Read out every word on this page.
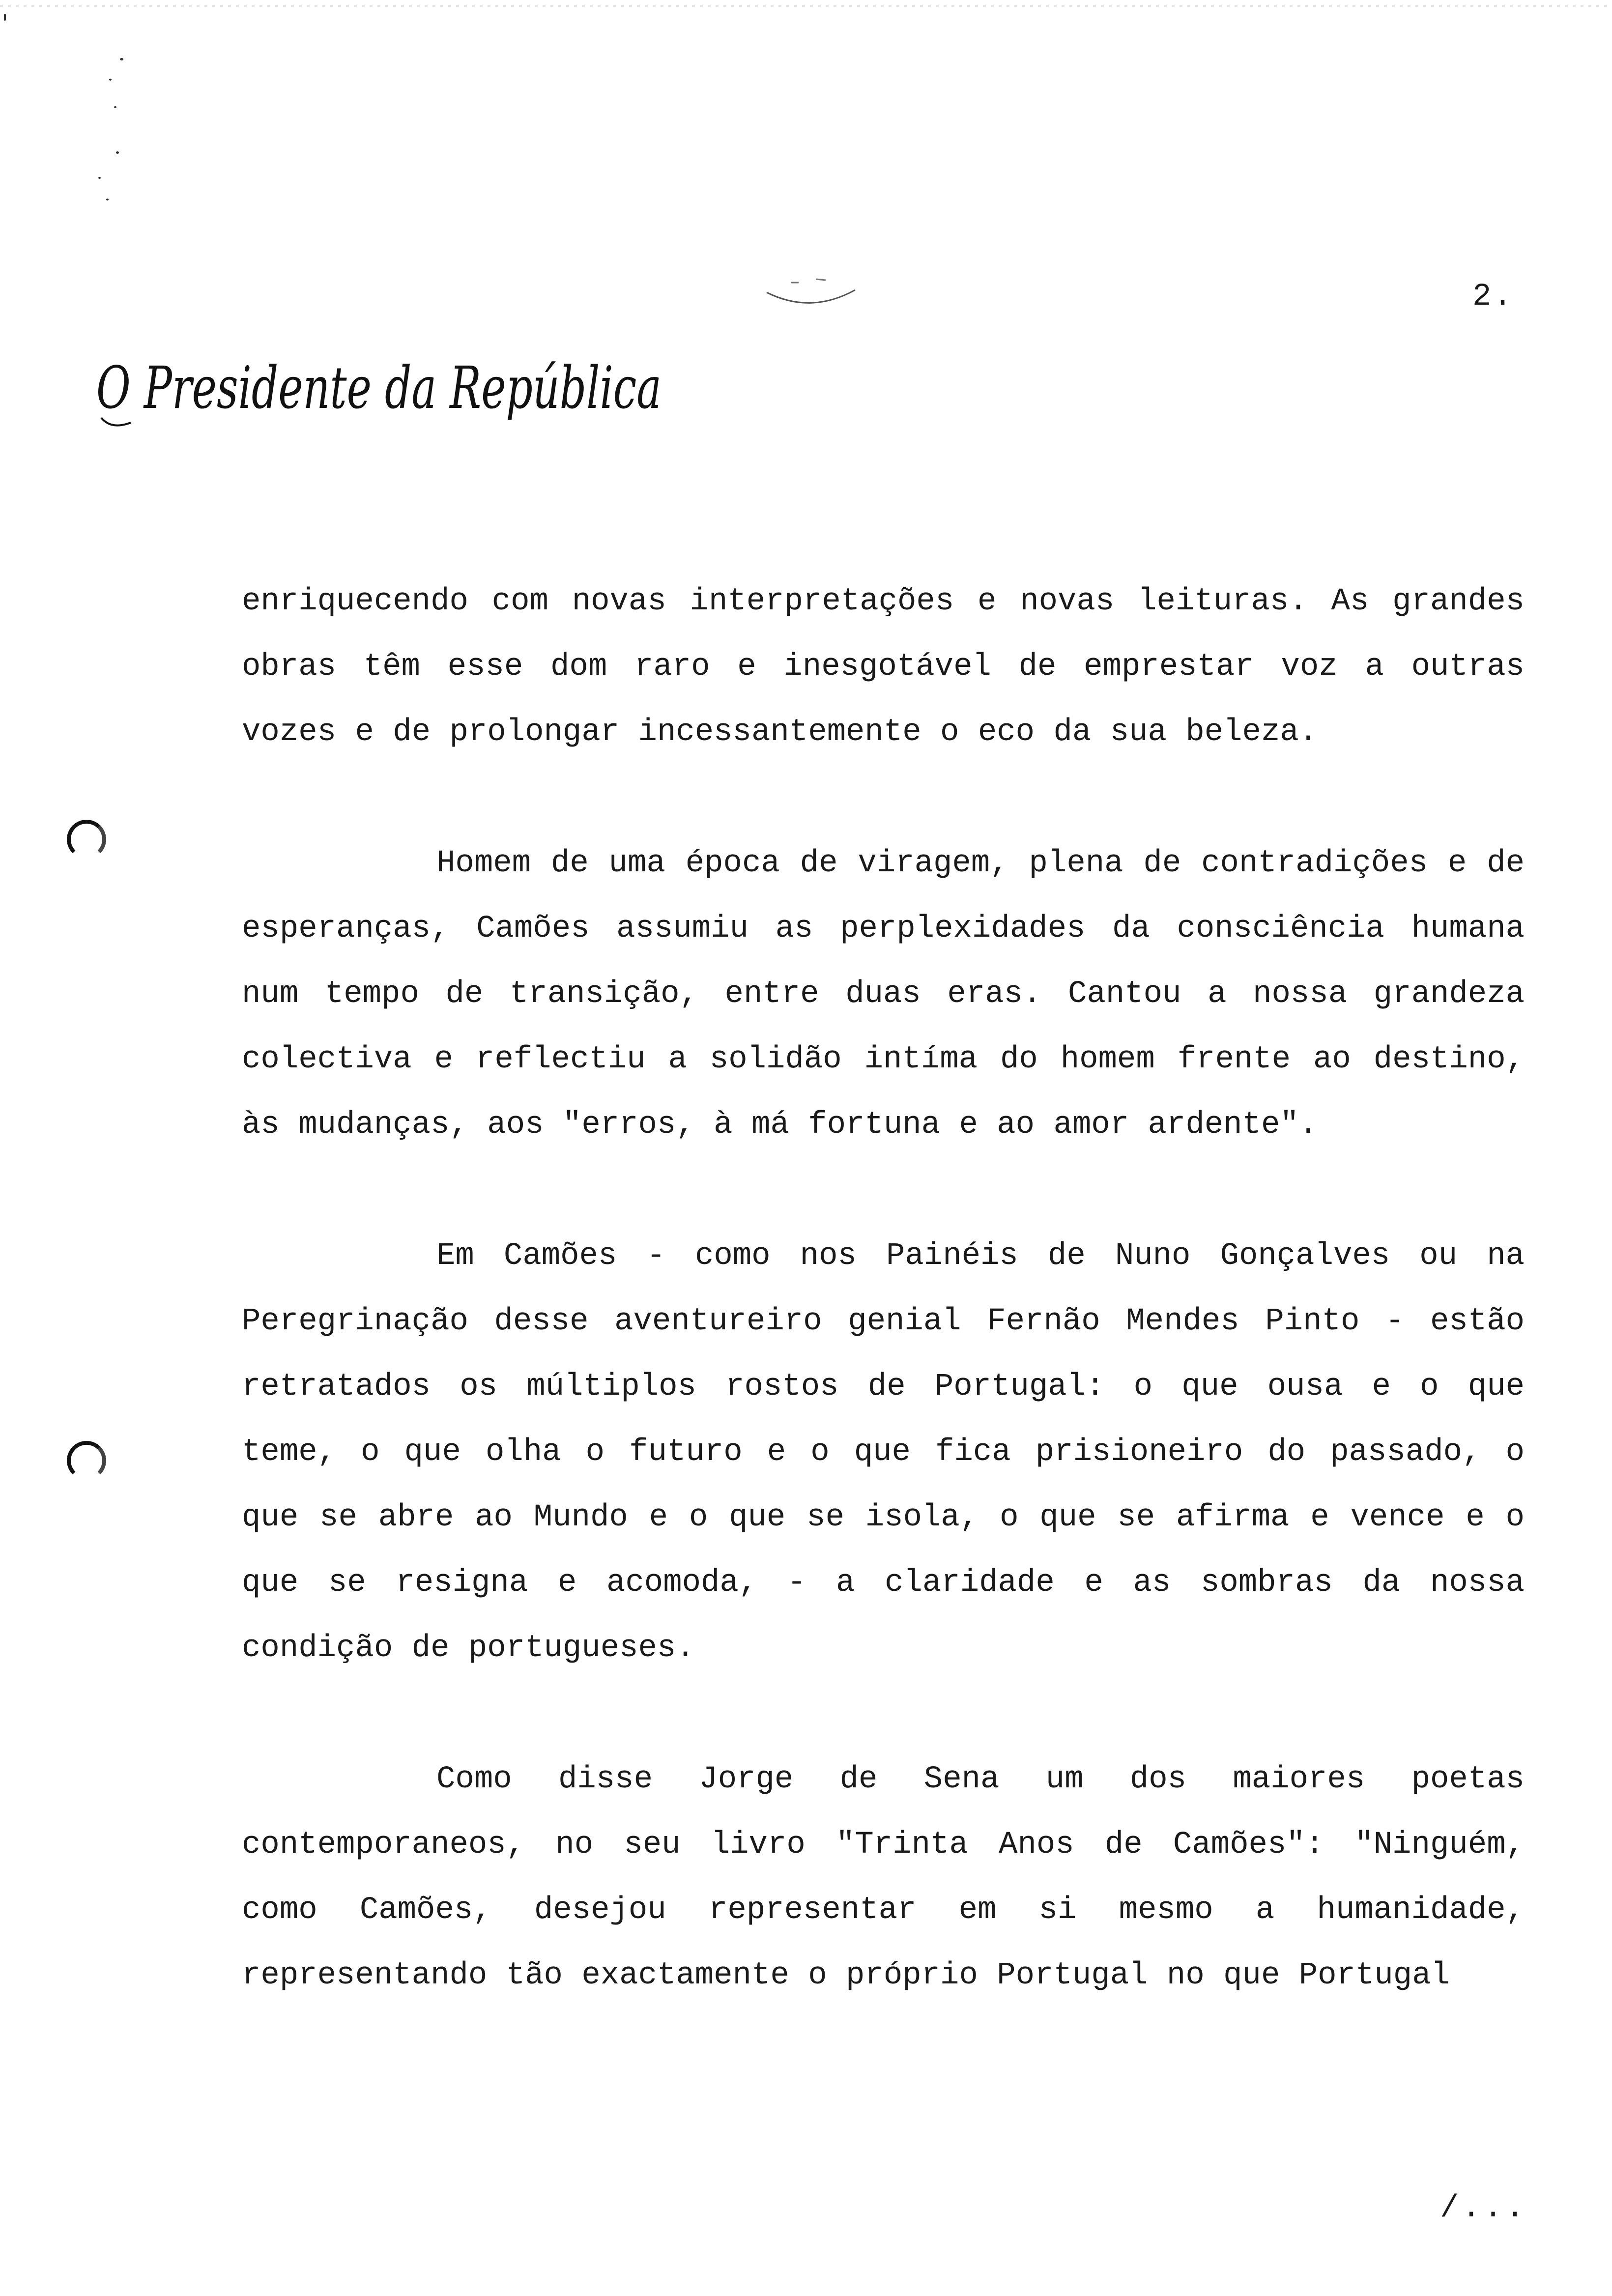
2.
O Presidente da República

enriquecendo com novas interpretações e novas leituras. As grandes obras têm esse dom raro e inesgotável de emprestar voz a outras vozes e de prolongar incessantemente o eco da sua beleza.

Homem de uma época de viragem, plena de contradições e de esperanças, Camões assumiu as perplexidades da consciência humana num tempo de transição, entre duas eras. Cantou a nossa grandeza colectiva e reflectiu a solidão intíma do homem frente ao destino, às mudanças, aos "erros, à má fortuna e ao amor ardente".

Em Camões - como nos Painéis de Nuno Gonçalves ou na Peregrinação desse aventureiro genial Fernão Mendes Pinto - estão retratados os múltiplos rostos de Portugal: o que ousa e o que teme, o que olha o futuro e o que fica prisioneiro do passado, o que se abre ao Mundo e o que se isola, o que se afirma e vence e o que se resigna e acomoda, - a claridade e as sombras da nossa condição de portugueses.

Como disse Jorge de Sena um dos maiores poetas contemporaneos, no seu livro "Trinta Anos de Camões": "Ninguém, como Camões, desejou representar em si mesmo a humanidade, representando tão exactamente o próprio Portugal no que Portugal

/...
